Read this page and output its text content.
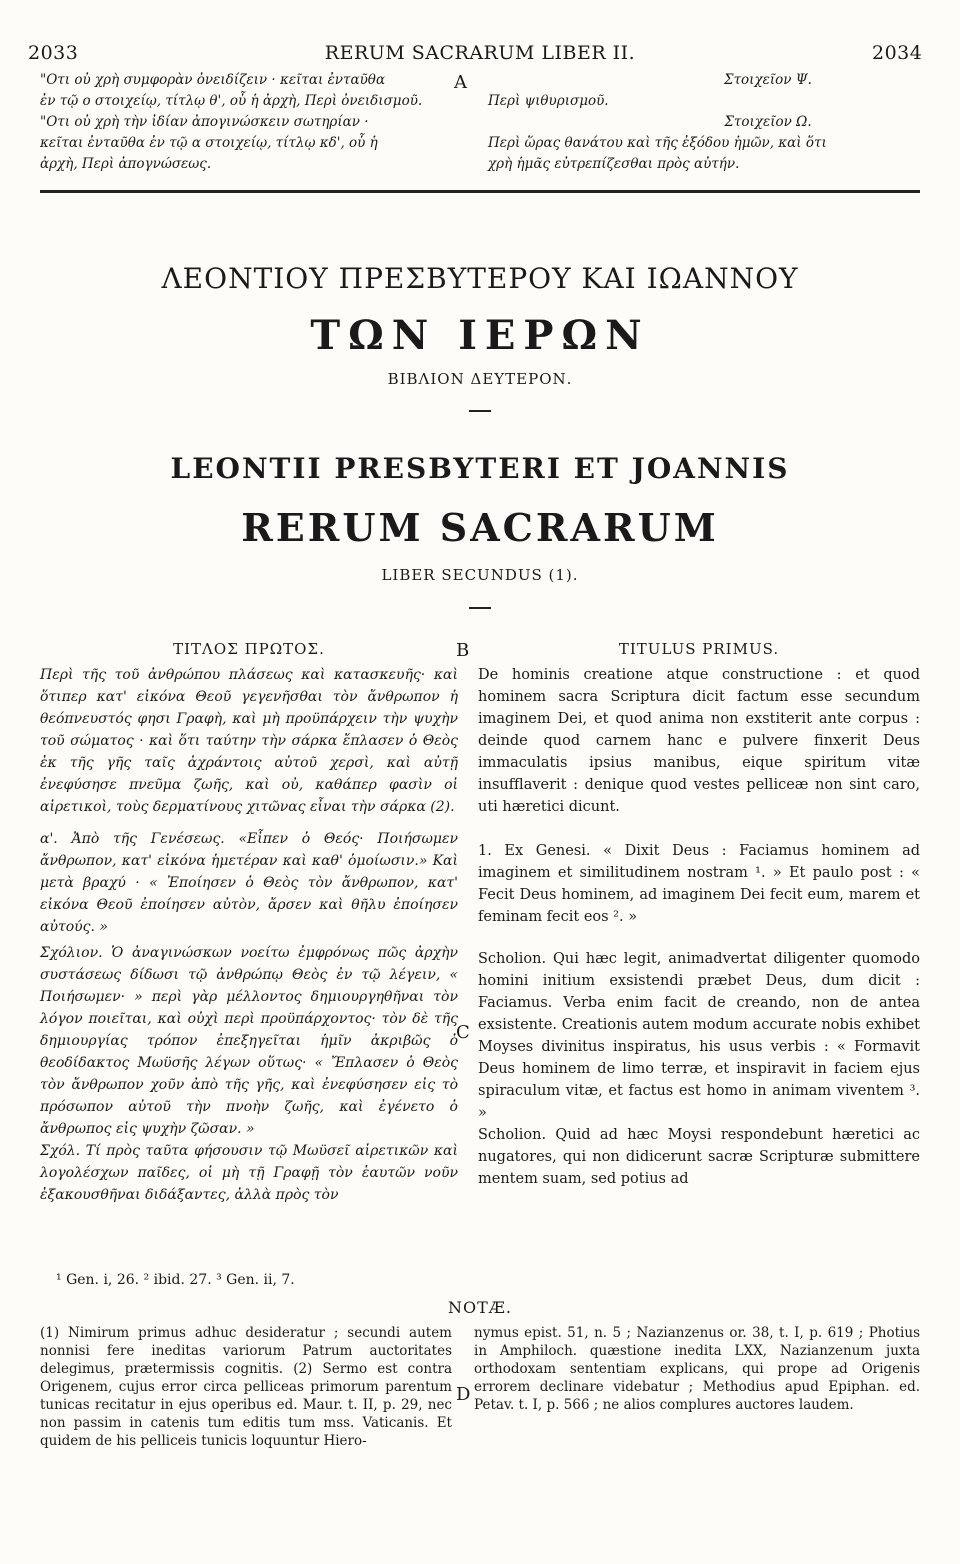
2033	RERUM SACRARUM LIBER II.	2034

"Οτι οὐ χρὴ συμφορὰν ὀνειδίζειν · κεῖται ἐνταῦθα

ἐν τῷ ο στοιχείῳ, τίτλῳ θ', οὗ ἡ ἀρχὴ, Περὶ ὀνειδισμοῦ.

"Οτι οὐ χρὴ τὴν ἰδίαν ἀπογινώσκειν σωτηρίαν ·

κεῖται ἐνταῦθα ἐν τῷ α στοιχείῳ, τίτλῳ κδ', οὗ ἡ

ἀρχὴ, Περὶ ἀπογνώσεως.

A	Στοιχεῖον Ψ.

Περὶ ψιθυρισμοῦ.

Στοιχεῖον Ω.

Περὶ ὥρας θανάτου καὶ τῆς ἐξόδου ἡμῶν, καὶ ὅτι

χρὴ ἡμᾶς εὐτρεπίζεσθαι πρὸς αὐτήν.

ΛΕΟΝΤΙΟΥ ΠΡΕΣΒΥΤΕΡΟΥ ΚΑΙ ΙΩΑΝΝΟΥ
ΤΩΝ ΙΕΡΩΝ
ΒΙΒΛΙΟΝ ΔΕΥΤΕΡΟΝ.
LEONTII PRESBYTERI ET JOANNIS
RERUM SACRARUM
LIBER SECUNDUS (1).
ΤΙΤΛΟΣ ΠΡΩΤΟΣ.	B	TITULUS PRIMUS.

Περὶ τῆς τοῦ ἀνθρώπου πλάσεως καὶ κατασκευῆς· καὶ ὅτιπερ κατ' εἰκόνα Θεοῦ γεγενῆσθαι τὸν ἄνθρωπον ἡ θεόπνευστός φησι Γραφὴ, καὶ μὴ προϋπάρχειν τὴν ψυχὴν τοῦ σώματος · καὶ ὅτι ταύτην τὴν σάρκα ἔπλασεν ὁ Θεὸς ἐκ τῆς γῆς ταῖς ἀχράντοις αὐτοῦ χερσὶ, καὶ αὐτῇ ἐνεφύσησε πνεῦμα ζωῆς, καὶ οὐ, καθάπερ φασὶν οἱ αἱρετικοὶ, τοὺς δερματίνους χιτῶνας εἶναι τὴν σάρκα (2).

α'. Ἀπὸ τῆς Γενέσεως. «Εἶπεν ὁ Θεός· Ποιήσωμεν ἄνθρωπον, κατ' εἰκόνα ἡμετέραν καὶ καθ' ὁμοίωσιν.» Καὶ μετὰ βραχύ · « Ἐποίησεν ὁ Θεὸς τὸν ἄνθρωπον, κατ' εἰκόνα Θεοῦ ἐποίησεν αὐτὸν, ἄρσεν καὶ θῆλυ ἐποίησεν αὐτούς. »

Σχόλιον. Ὁ ἀναγινώσκων νοείτω ἐμφρόνως πῶς ἀρχὴν συστάσεως δίδωσι τῷ ἀνθρώπῳ Θεὸς ἐν τῷ λέγειν, « Ποιήσωμεν· » περὶ γὰρ μέλλοντος δημιουργηθῆναι τὸν λόγον ποιεῖται, καὶ οὐχὶ περὶ προϋπάρχοντος· τὸν δὲ τῆς δημιουργίας τρόπον ἐπεξηγεῖται ἡμῖν ἀκριβῶς ὁ θεοδίδακτος Μωϋσῆς λέγων οὕτως· « Ἔπλασεν ὁ Θεὸς τὸν ἄνθρωπον χοῦν ἀπὸ τῆς γῆς, καὶ ἐνεφύσησεν εἰς τὸ πρόσωπον αὐτοῦ τὴν πνοὴν ζωῆς, καὶ ἐγένετο ὁ ἄνθρωπος εἰς ψυχὴν ζῶσαν. »

Σχόλ. Τί πρὸς ταῦτα φήσουσιν τῷ Μωϋσεῖ αἱρετικῶν καὶ λογολέσχων παῖδες, οἱ μὴ τῇ Γραφῇ τὸν ἑαυτῶν νοῦν ἐξακουσθῆναι διδάξαντες, ἀλλὰ πρὸς τὸν

C

De hominis creatione atque constructione : et quod hominem sacra Scriptura dicit factum esse secundum imaginem Dei, et quod anima non exstiterit ante corpus : deinde quod carnem hanc e pulvere finxerit Deus immaculatis ipsius manibus, eique spiritum vitæ insufflaverit : denique quod vestes pelliceæ non sint caro, uti hæretici dicunt.

1. Ex Genesi. « Dixit Deus : Faciamus hominem ad imaginem et similitudinem nostram ¹. » Et paulo post : « Fecit Deus hominem, ad imaginem Dei fecit eum, marem et feminam fecit eos ². »

Scholion. Qui hæc legit, animadvertat diligenter quomodo homini initium exsistendi præbet Deus, dum dicit : Faciamus. Verba enim facit de creando, non de antea exsistente. Creationis autem modum accurate nobis exhibet Moyses divinitus inspiratus, his usus verbis : « Formavit Deus hominem de limo terræ, et inspiravit in faciem ejus spiraculum vitæ, et factus est homo in animam viventem ³. »

Scholion. Quid ad hæc Moysi respondebunt hæretici ac nugatores, qui non didicerunt sacræ Scripturæ submittere mentem suam, sed potius ad

¹ Gen. i, 26. ² ibid. 27. ³ Gen. ii, 7.
NOTÆ.
(1) Nimirum primus adhuc desideratur ; secundi autem nonnisi fere ineditas variorum Patrum auctoritates delegimus, prætermissis cognitis. (2) Sermo est contra Origenem, cujus error circa pelliceas primorum parentum tunicas recitatur in ejus operibus ed. Maur. t. II, p. 29, nec non passim in catenis tum editis tum mss. Vaticanis. Et quidem de his pelliceis tunicis loquuntur Hiero-
D
nymus epist. 51, n. 5 ; Nazianzenus or. 38, t. I, p. 619 ; Photius in Amphiloch. quæstione inedita LXX, Nazianzenum juxta orthodoxam sententiam explicans, qui prope ad Origenis errorem declinare videbatur ; Methodius apud Epiphan. ed. Petav. t. I, p. 566 ; ne alios complures auctores laudem.
